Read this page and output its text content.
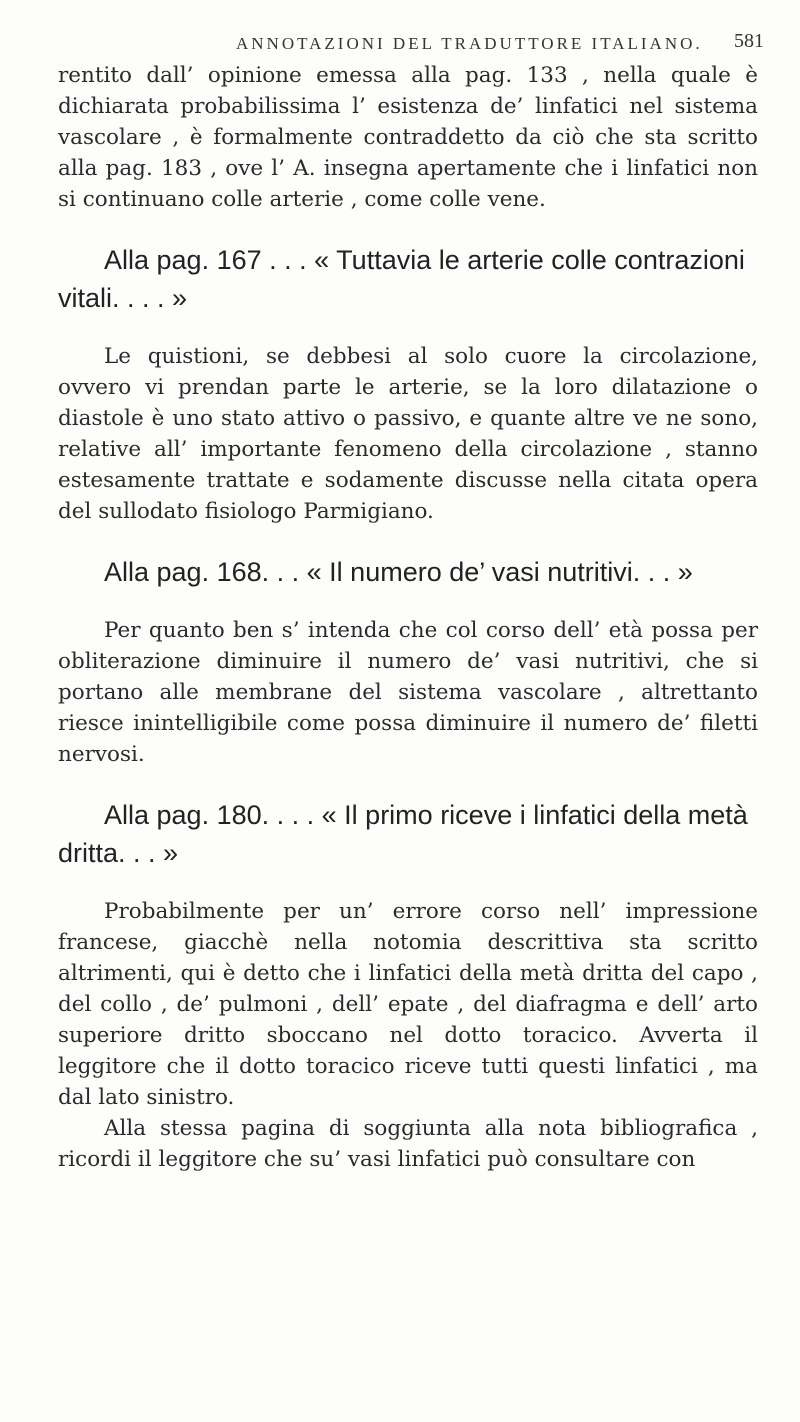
ANNOTAZIONI DEL TRADUTTORE ITALIANO.	581

rentito dall’ opinione emessa alla pag. 133 , nella quale è dichiarata probabilissima l’ esistenza de’ linfatici nel sistema vascolare , è formalmente contraddetto da ciò che sta scritto alla pag. 183 , ove l’ A. insegna apertamente che i linfatici non si continuano colle arterie , come colle vene.

Alla pag. 167 . . . « Tuttavia le arterie colle contrazioni vitali. . . . »

Le quistioni, se debbesi al solo cuore la circolazione, ovvero vi prendan parte le arterie, se la loro dilatazione o diastole è uno stato attivo o passivo, e quante altre ve ne sono, relative all’ importante fenomeno della circolazione , stanno estesamente trattate e sodamente discusse nella citata opera del sullodato fisiologo Parmigiano.

Alla pag. 168. . . « Il numero de’ vasi nutritivi. . . »

Per quanto ben s’ intenda che col corso dell’ età possa per obliterazione diminuire il numero de’ vasi nutritivi, che si portano alle membrane del sistema vascolare , altrettanto riesce inintelligibile come possa diminuire il numero de’ filetti nervosi.

Alla pag. 180. . . . « Il primo riceve i linfatici della metà dritta. . . »

Probabilmente per un’ errore corso nell’ impressione francese, giacchè nella notomia descrittiva sta scritto altrimenti, qui è detto che i linfatici della metà dritta del capo , del collo , de’ pulmoni , dell’ epate , del diafragma e dell’ arto superiore dritto sboccano nel dotto toracico. Avverta il leggitore che il dotto toracico riceve tutti questi linfatici , ma dal lato sinistro.

Alla stessa pagina di soggiunta alla nota bibliografica , ricordi il leggitore che su’ vasi linfatici può consultare con
